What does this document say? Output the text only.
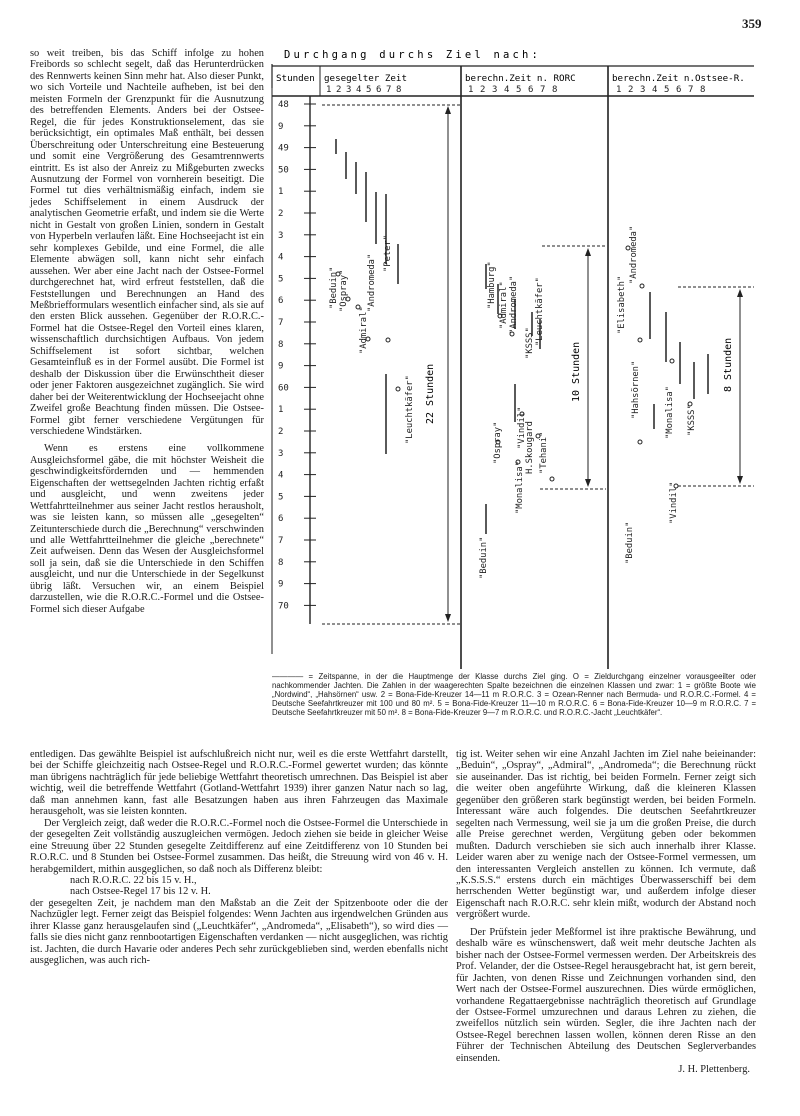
359

so weit treiben, bis das Schiff infolge zu hohen Freibords so schlecht segelt, daß das Herunterdrücken des Rennwerts keinen Sinn mehr hat. Also dieser Punkt, wo sich Vorteile und Nachteile aufheben, ist bei den meisten Formeln der Grenzpunkt für die Ausnutzung des betreffenden Elements. Anders bei der Ostsee-Regel, die für jedes Konstruktionselement, das sie berücksichtigt, ein optimales Maß enthält, bei dessen Überschreitung oder Unterschreitung eine Besteuerung und somit eine Vergrößerung des Gesamtrennwerts eintritt. Es ist also der Anreiz zu Mißgeburten zwecks Ausnutzung der Formel von vornherein beseitigt. Die Formel tut dies verhältnismäßig einfach, indem sie jedes Schiffselement in einem Ausdruck der analytischen Geometrie erfaßt, und indem sie die Werte nicht in Gestalt von großen Linien, sondern in Gestalt von Hyperbeln verlaufen läßt. Eine Hochseejacht ist ein sehr komplexes Gebilde, und eine Formel, die alle Elemente abwägen soll, kann nicht sehr einfach aussehen. Wer aber eine Jacht nach der Ostsee-Formel durchgerechnet hat, wird erfreut feststellen, daß die Feststellungen und Berechnungen an Hand des Meßbriefformulars wesentlich einfacher sind, als sie auf den ersten Blick aussehen. Gegenüber der R.O.R.C.-Formel hat die Ostsee-Regel den Vorteil eines klaren, wissenschaftlich durchsichtigen Aufbaus. Von jedem Schiffselement ist sofort sichtbar, welchen Gesamteinfluß es in der Formel ausübt. Die Formel ist deshalb der Diskussion über die Erwünschtheit dieser oder jener Faktoren ausgezeichnet zugänglich. Sie wird daher bei der Weiterentwicklung der Hochseejacht ohne Zweifel große Beachtung finden müssen. Die Ostsee-Formel gibt ferner verschiedene Vergütungen für verschiedene Windstärken.

Wenn es erstens eine vollkommene Ausgleichsformel gäbe, die mit höchster Weisheit die geschwindigkeitsfördernden und — hemmenden Eigenschaften der wettsegelnden Jachten richtig erfaßt und ausgleicht, und wenn zweitens jeder Wettfahrtteilnehmer aus seiner Jacht restlos herausholt, was sie leisten kann, so müssen alle „gesegelten“ Zeitunterschiede durch die „Berechnung“ verschwinden und alle Wettfahrtteilnehmer die gleiche „berechnete“ Zeit aufweisen. Denn das Wesen der Ausgleichsformel soll ja sein, daß sie die Unterschiede in den Schiffen ausgleicht, und nur die Unterschiede in der Segelkunst übrig läßt. Versuchen wir, an einem Beispiel darzustellen, wie die R.O.R.C.-Formel und die Ostsee-Formel sich dieser Aufgabe

Durchgang durchs Ziel nach:
Stunden gesegelter Zeit	berechn.Zeit n. RORC	berechn.Zeit n.Ostsee-R.
1 2 3 4 5 6 7 8	1 2 3 4 5 6 7 8	1 2 3 4 5 6 7 8
48
9
49
50
1
2
3
4
5
6
7
8
9
60
1
2
3
4
5
6
7
8
9
70
"Beduin" "Ospray"
"Admiral"
"Andromeda"
"Peter"
"Leuchtkäfer" 22 Stunden
"Hamburg" "Admiral" "Andromeda"
"KSSS" "Leuchtkäfer"
"Vindil"
H.Skougard "Tehani"
"Ospray"
"Monalisa"
"Beduin"
10 Stunden
"Andromeda"
"Elisabeth"
"Hahsörnen"
"KSSS"
"Monalisa"
"Vindil"
"Beduin"
8 Stunden
———— = Zeitspanne, in der die Hauptmenge der Klasse durchs Ziel ging. O = Zieldurchgang einzelner vorausgeeilter oder nachkommender Jachten. Die Zahlen in der waagerechten Spalte bezeichnen die einzelnen Klassen und zwar: 1 = größte Boote wie „Nordwind“, „Hahsörnen“ usw. 2 = Bona-Fide-Kreuzer 14—11 m R.O.R.C. 3 = Ozean-Renner nach Bermuda- und R.O.R.C.-Formel. 4 = Deutsche Seefahrtkreuzer mit 100 und 80 m². 5 = Bona-Fide-Kreuzer 11—10 m R.O.R.C. 6 = Bona-Fide-Kreuzer 10—9 m R.O.R.C. 7 = Deutsche Seefahrtkreuzer mit 50 m². 8 = Bona-Fide-Kreuzer 9—7 m R.O.R.C. und R.O.R.C.-Jacht „Leuchtkäfer“.

entledigen. Das gewählte Beispiel ist aufschlußreich nicht nur, weil es die erste Wettfahrt darstellt, bei der Schiffe gleichzeitig nach Ostsee-Regel und R.O.R.C.-Formel gewertet wurden; das könnte man übrigens nachträglich für jede beliebige Wettfahrt theoretisch umrechnen. Das Beispiel ist aber wichtig, weil die betreffende Wettfahrt (Gotland-Wettfahrt 1939) ihrer ganzen Natur nach so lag, daß man annehmen kann, fast alle Besatzungen haben aus ihren Fahrzeugen das Maximale herausgeholt, was sie leisten konnten.

Der Vergleich zeigt, daß weder die R.O.R.C.-Formel noch die Ostsee-Formel die Unterschiede in der gesegelten Zeit vollständig auszugleichen vermögen. Jedoch ziehen sie beide in gleicher Weise eine Streuung über 22 Stunden gesegelte Zeitdifferenz auf eine Zeitdifferenz von 10 Stunden bei R.O.R.C. und 8 Stunden bei Ostsee-Formel zusammen. Das heißt, die Streuung wird von 46 v. H. herabgemildert, mithin ausgeglichen, so daß noch als Differenz bleibt:

nach R.O.R.C. 22 bis 15 v. H.,

nach Ostsee-Regel 17 bis 12 v. H.

der gesegelten Zeit, je nachdem man den Maßstab an die Zeit der Spitzenboote oder die der Nachzügler legt. Ferner zeigt das Beispiel folgendes: Wenn Jachten aus irgendwelchen Gründen aus ihrer Klasse ganz herausgelaufen sind („Leuchtkäfer“, „Andromeda“, „Elisabeth“), so wird dies — falls sie dies nicht ganz rennbootartigen Eigenschaften verdanken — nicht ausgeglichen, was richtig ist. Jachten, die durch Havarie oder anderes Pech sehr zurückgeblieben sind, werden ebenfalls nicht ausgeglichen, was auch rich-

tig ist. Weiter sehen wir eine Anzahl Jachten im Ziel nahe beieinander: „Beduin“, „Ospray“, „Admiral“, „Andromeda“; die Berechnung rückt sie auseinander. Das ist richtig, bei beiden Formeln. Ferner zeigt sich die weiter oben angeführte Wirkung, daß die kleineren Klassen gegenüber den größeren stark begünstigt werden, bei beiden Formeln. Interessant wäre auch folgendes. Die deutschen Seefahrtkreuzer segelten nach Vermessung, weil sie ja um die großen Preise, die durch alle Preise gerechnet werden, Vergütung geben oder bekommen mußten. Dadurch verschieben sie sich auch innerhalb ihrer Klasse. Leider waren aber zu wenige nach der Ostsee-Formel vermessen, um den interessanten Vergleich anstellen zu können. Ich vermute, daß „K.S.S.S.“ erstens durch ein mächtiges Überwasserschiff bei dem herrschenden Wetter begünstigt war, und außerdem infolge dieser Eigenschaft nach R.O.R.C. sehr klein mißt, wodurch der Abstand noch vergrößert wurde.

Der Prüfstein jeder Meßformel ist ihre praktische Bewährung, und deshalb wäre es wünschenswert, daß weit mehr deutsche Jachten als bisher nach der Ostsee-Formel vermessen werden. Der Arbeitskreis des Prof. Velander, der die Ostsee-Regel herausgebracht hat, ist gern bereit, für Jachten, von denen Risse und Zeichnungen vorhanden sind, den Wert nach der Ostsee-Formel auszurechnen. Dies würde ermöglichen, vorhandene Regattaergebnisse nachträglich theoretisch auf Grundlage der Ostsee-Formel umzurechnen und daraus Lehren zu ziehen, die zweifellos nützlich sein würden. Segler, die ihre Jachten nach der Ostsee-Regel berechnen lassen wollen, können deren Risse an den Führer der Technischen Abteilung des Deutschen Seglerverbandes einsenden.

J. H. Plettenberg.
